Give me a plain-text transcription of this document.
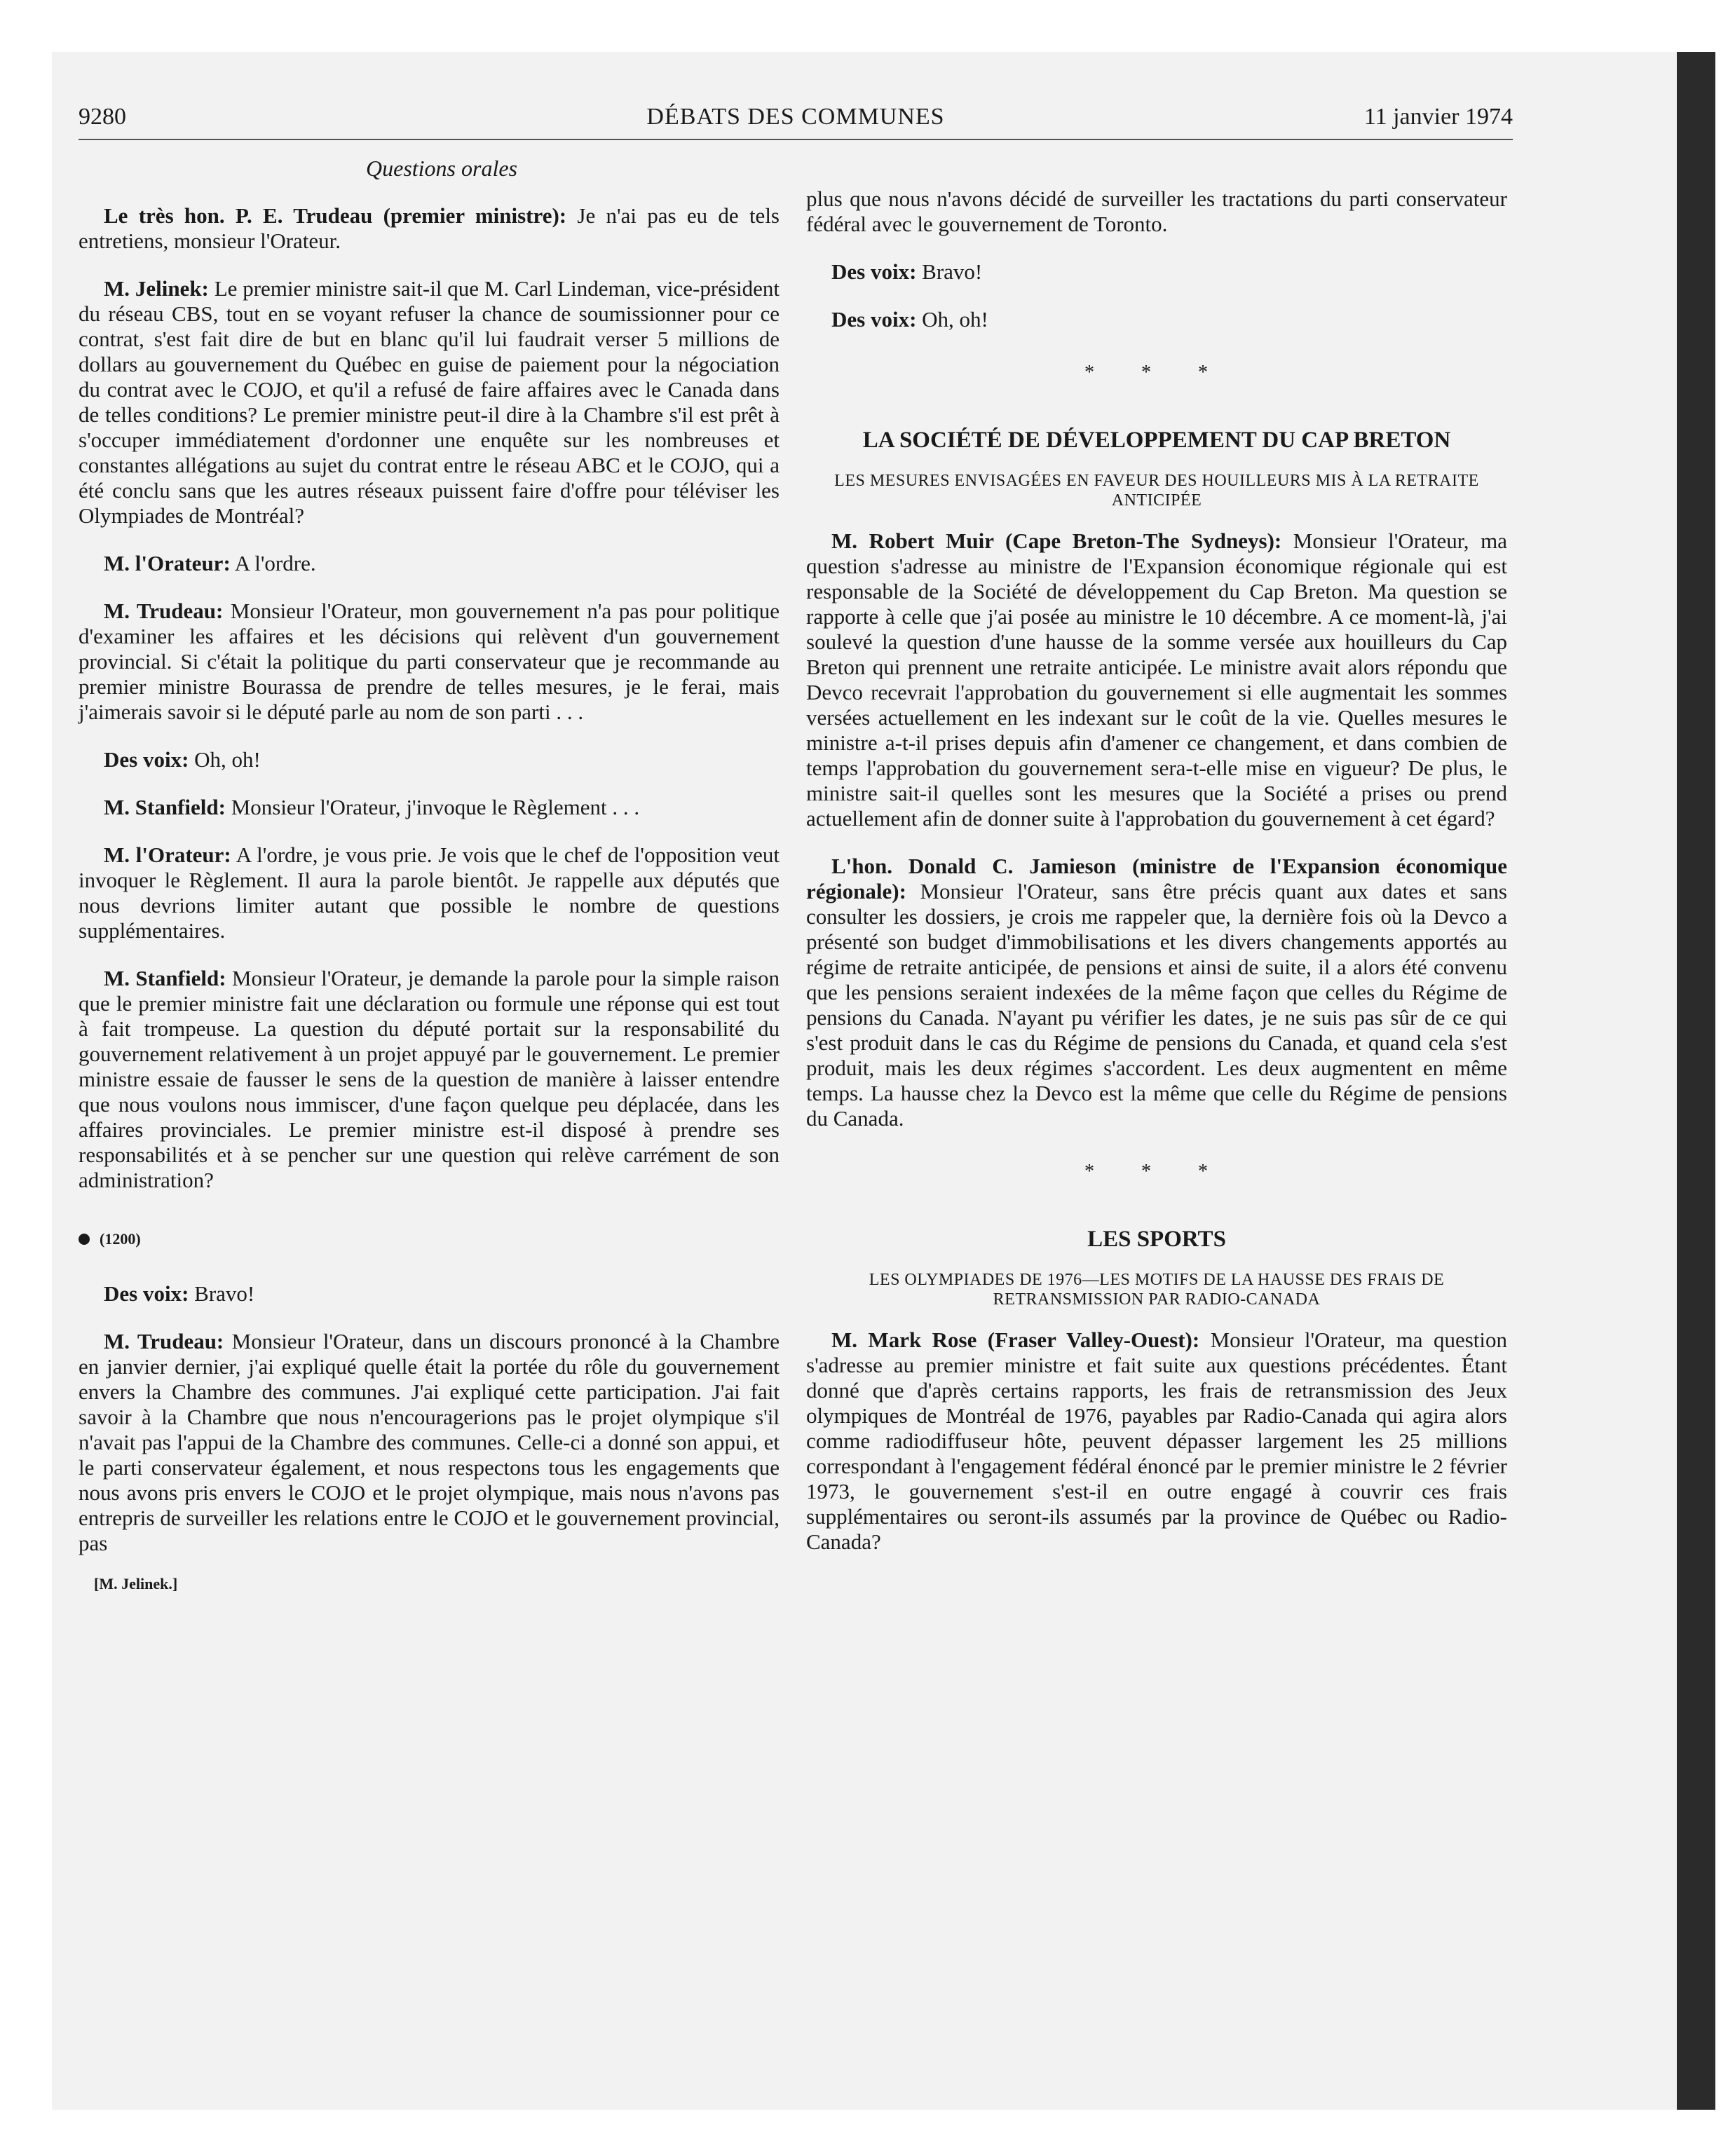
9280	DÉBATS DES COMMUNES	11 janvier 1974

Questions orales

Le très hon. P. E. Trudeau (premier ministre): Je n'ai pas eu de tels entretiens, monsieur l'Orateur.

M. Jelinek: Le premier ministre sait-il que M. Carl Lindeman, vice-président du réseau CBS, tout en se voyant refuser la chance de soumissionner pour ce contrat, s'est fait dire de but en blanc qu'il lui faudrait verser 5 millions de dollars au gouvernement du Québec en guise de paiement pour la négociation du contrat avec le COJO, et qu'il a refusé de faire affaires avec le Canada dans de telles conditions? Le premier ministre peut-il dire à la Chambre s'il est prêt à s'occuper immédiatement d'ordonner une enquête sur les nombreuses et constantes allégations au sujet du contrat entre le réseau ABC et le COJO, qui a été conclu sans que les autres réseaux puissent faire d'offre pour téléviser les Olympiades de Montréal?

M. l'Orateur: A l'ordre.

M. Trudeau: Monsieur l'Orateur, mon gouvernement n'a pas pour politique d'examiner les affaires et les décisions qui relèvent d'un gouvernement provincial. Si c'était la politique du parti conservateur que je recommande au premier ministre Bourassa de prendre de telles mesures, je le ferai, mais j'aimerais savoir si le député parle au nom de son parti . . .

Des voix: Oh, oh!

M. Stanfield: Monsieur l'Orateur, j'invoque le Règlement . . .

M. l'Orateur: A l'ordre, je vous prie. Je vois que le chef de l'opposition veut invoquer le Règlement. Il aura la parole bientôt. Je rappelle aux députés que nous devrions limiter autant que possible le nombre de questions supplémentaires.

M. Stanfield: Monsieur l'Orateur, je demande la parole pour la simple raison que le premier ministre fait une déclaration ou formule une réponse qui est tout à fait trompeuse. La question du député portait sur la responsabilité du gouvernement relativement à un projet appuyé par le gouvernement. Le premier ministre essaie de fausser le sens de la question de manière à laisser entendre que nous voulons nous immiscer, d'une façon quelque peu déplacée, dans les affaires provinciales. Le premier ministre est-il disposé à prendre ses responsabilités et à se pencher sur une question qui relève carrément de son administration?

(1200)

Des voix: Bravo!

M. Trudeau: Monsieur l'Orateur, dans un discours prononcé à la Chambre en janvier dernier, j'ai expliqué quelle était la portée du rôle du gouvernement envers la Chambre des communes. J'ai expliqué cette participation. J'ai fait savoir à la Chambre que nous n'encouragerions pas le projet olympique s'il n'avait pas l'appui de la Chambre des communes. Celle-ci a donné son appui, et le parti conservateur également, et nous respectons tous les engagements que nous avons pris envers le COJO et le projet olympique, mais nous n'avons pas entrepris de surveiller les relations entre le COJO et le gouvernement provincial, pas

[M. Jelinek.]

plus que nous n'avons décidé de surveiller les tractations du parti conservateur fédéral avec le gouvernement de Toronto.

Des voix: Bravo!

Des voix: Oh, oh!

* * *
LA SOCIÉTÉ DE DÉVELOPPEMENT DU CAP BRETON
LES MESURES ENVISAGÉES EN FAVEUR DES HOUILLEURS MIS À LA RETRAITE ANTICIPÉE

M. Robert Muir (Cape Breton-The Sydneys): Monsieur l'Orateur, ma question s'adresse au ministre de l'Expansion économique régionale qui est responsable de la Société de développement du Cap Breton. Ma question se rapporte à celle que j'ai posée au ministre le 10 décembre. A ce moment-là, j'ai soulevé la question d'une hausse de la somme versée aux houilleurs du Cap Breton qui prennent une retraite anticipée. Le ministre avait alors répondu que Devco recevrait l'approbation du gouvernement si elle augmentait les sommes versées actuellement en les indexant sur le coût de la vie. Quelles mesures le ministre a-t-il prises depuis afin d'amener ce changement, et dans combien de temps l'approbation du gouvernement sera-t-elle mise en vigueur? De plus, le ministre sait-il quelles sont les mesures que la Société a prises ou prend actuellement afin de donner suite à l'approbation du gouvernement à cet égard?

L'hon. Donald C. Jamieson (ministre de l'Expansion économique régionale): Monsieur l'Orateur, sans être précis quant aux dates et sans consulter les dossiers, je crois me rappeler que, la dernière fois où la Devco a présenté son budget d'immobilisations et les divers changements apportés au régime de retraite anticipée, de pensions et ainsi de suite, il a alors été convenu que les pensions seraient indexées de la même façon que celles du Régime de pensions du Canada. N'ayant pu vérifier les dates, je ne suis pas sûr de ce qui s'est produit dans le cas du Régime de pensions du Canada, et quand cela s'est produit, mais les deux régimes s'accordent. Les deux augmentent en même temps. La hausse chez la Devco est la même que celle du Régime de pensions du Canada.

* * *
LES SPORTS
LES OLYMPIADES DE 1976—LES MOTIFS DE LA HAUSSE DES FRAIS DE RETRANSMISSION PAR RADIO-CANADA

M. Mark Rose (Fraser Valley-Ouest): Monsieur l'Orateur, ma question s'adresse au premier ministre et fait suite aux questions précédentes. Étant donné que d'après certains rapports, les frais de retransmission des Jeux olympiques de Montréal de 1976, payables par Radio-Canada qui agira alors comme radiodiffuseur hôte, peuvent dépasser largement les 25 millions correspondant à l'engagement fédéral énoncé par le premier ministre le 2 février 1973, le gouvernement s'est-il en outre engagé à couvrir ces frais supplémentaires ou seront-ils assumés par la province de Québec ou Radio-Canada?
